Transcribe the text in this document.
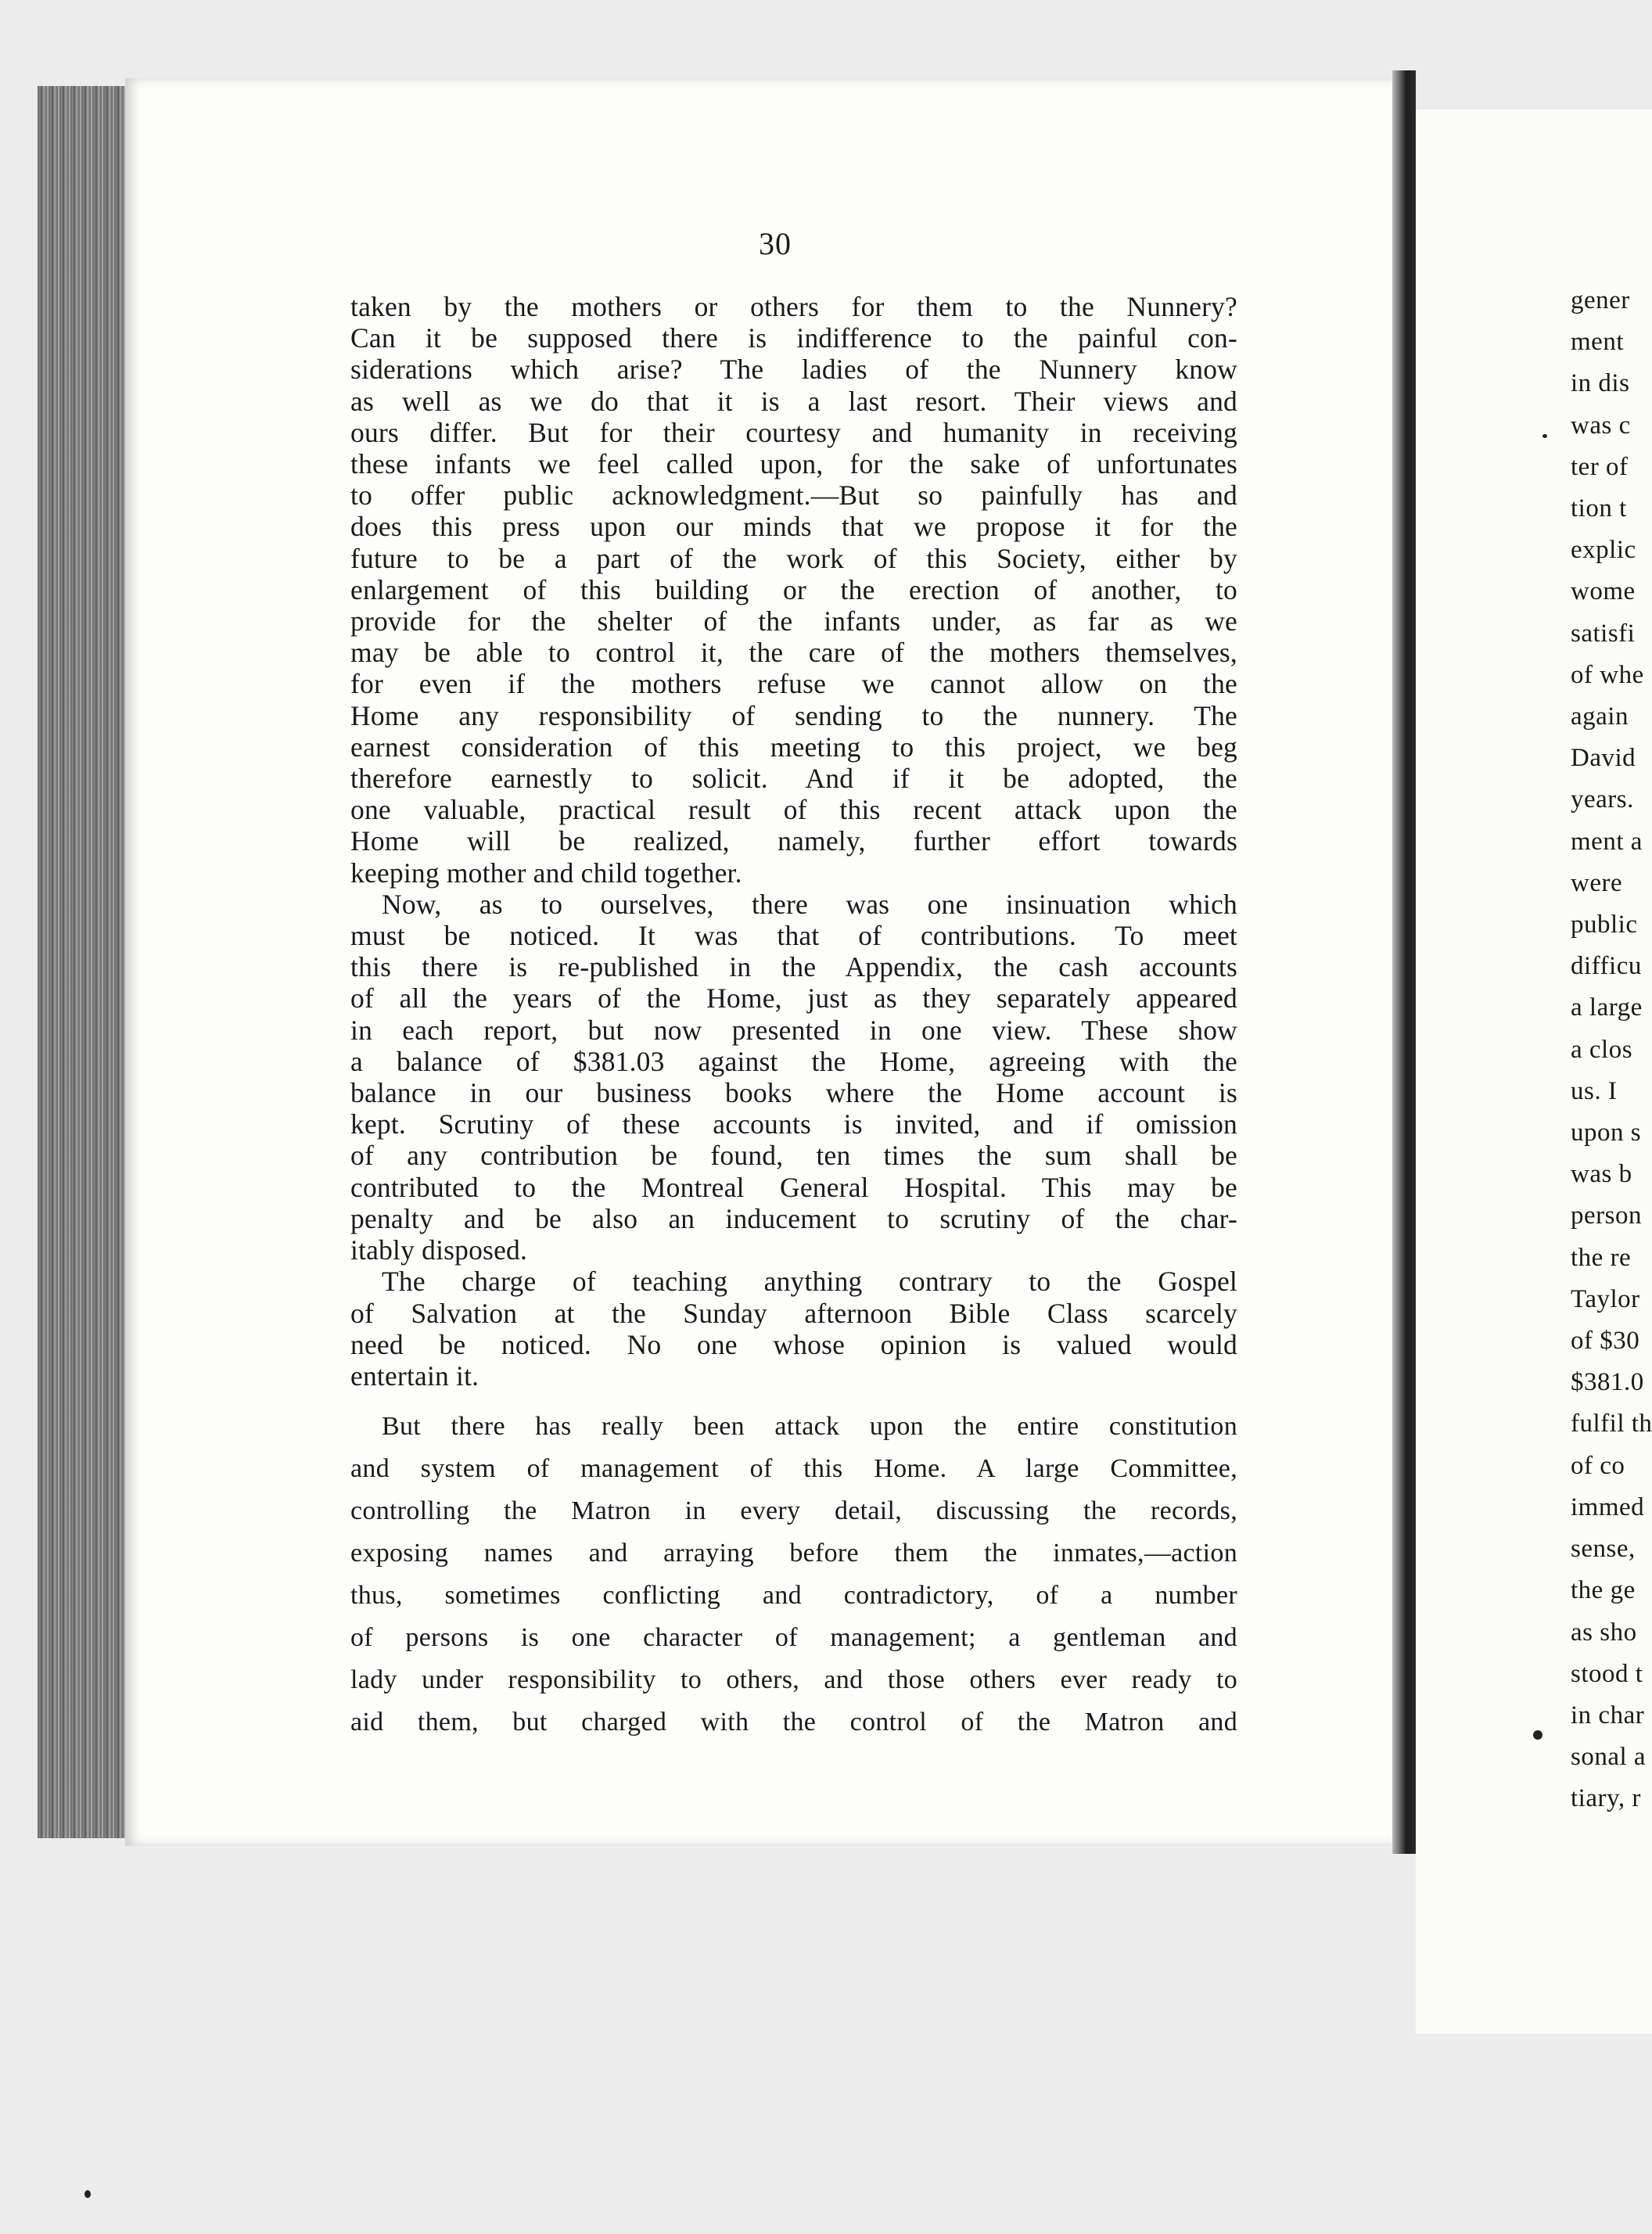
30

taken by the mothers or others for them to the Nunnery?
Can it be supposed there is indifference to the painful con-
siderations which arise? The ladies of the Nunnery know
as well as we do that it is a last resort. Their views and
ours differ. But for their courtesy and humanity in receiving
these infants we feel called upon, for the sake of unfortunates
to offer public acknowledgment.—But so painfully has and
does this press upon our minds that we propose it for the
future to be a part of the work of this Society, either by
enlargement of this building or the erection of another, to
provide for the shelter of the infants under, as far as we
may be able to control it, the care of the mothers themselves,
for even if the mothers refuse we cannot allow on the
Home any responsibility of sending to the nunnery. The
earnest consideration of this meeting to this project, we beg
therefore earnestly to solicit. And if it be adopted, the
one valuable, practical result of this recent attack upon the
Home will be realized, namely, further effort towards
keeping mother and child together.

Now, as to ourselves, there was one insinuation which
must be noticed. It was that of contributions. To meet
this there is re-published in the Appendix, the cash accounts
of all the years of the Home, just as they separately appeared
in each report, but now presented in one view. These show
a balance of $381.03 against the Home, agreeing with the
balance in our business books where the Home account is
kept. Scrutiny of these accounts is invited, and if omission
of any contribution be found, ten times the sum shall be
contributed to the Montreal General Hospital. This may be
penalty and be also an inducement to scrutiny of the char-
itably disposed.

The charge of teaching anything contrary to the Gospel
of Salvation at the Sunday afternoon Bible Class scarcely
need be noticed. No one whose opinion is valued would
entertain it.

But there has really been attack upon the entire constitution
and system of management of this Home. A large Committee,
controlling the Matron in every detail, discussing the records,
exposing names and arraying before them the inmates,—action
thus, sometimes conflicting and contradictory, of a number
of persons is one character of management; a gentleman and
lady under responsibility to others, and those others ever ready to
aid them, but charged with the control of the Matron and

gener
ment
in dis
was c
ter of
tion t
explic
wome
satisfi
of whe
again
David
years.
ment a
were
public
difficu
a large
a clos
us. I
upon s
was b
person
the re
Taylor
of $30
$381.0
fulfil th
of co
immed
sense,
the ge
as sho
stood t
in char
sonal a
tiary, r
